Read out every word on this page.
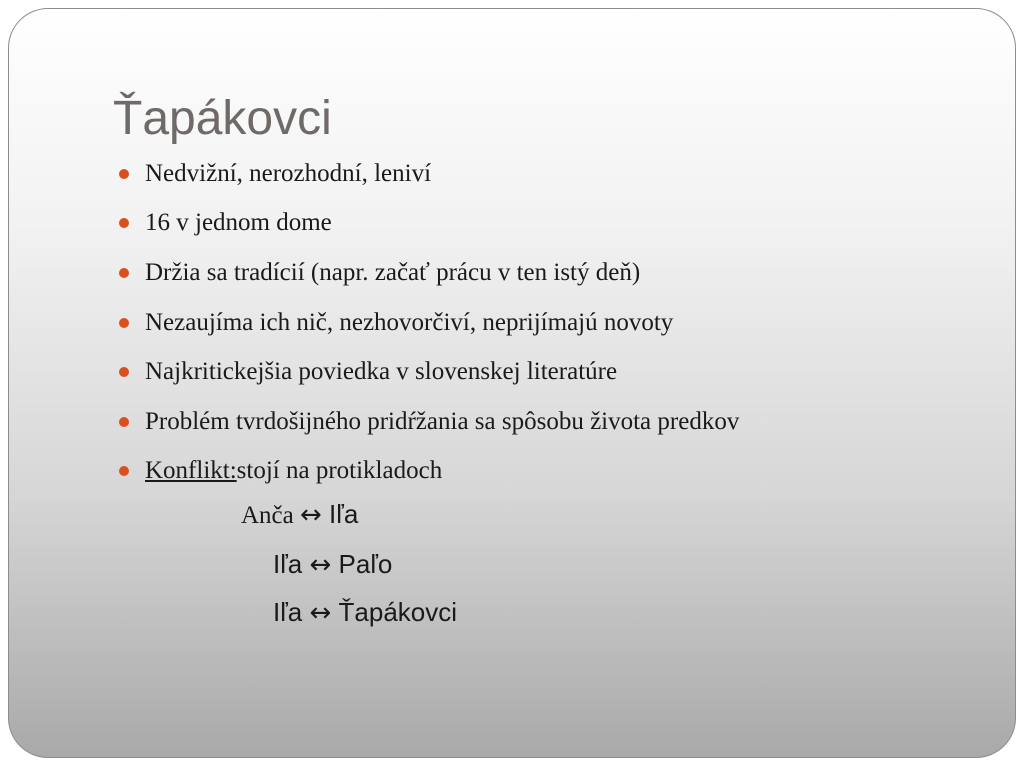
Ťapákovci
Nedvižní, nerozhodní, leniví
16 v jednom dome
Držia sa tradícií (napr. začať prácu v ten istý deň)
Nezaujíma ich nič, nezhovorčiví, neprijímajú novoty
Najkritickejšia poviedka v slovenskej literatúre
Problém tvrdošijného pridŕžania sa spôsobu života predkov
Konflikt: stojí na protikladoch
Anča ↔ Iľa
Iľa ↔ Paľo
Iľa ↔ Ťapákovci
